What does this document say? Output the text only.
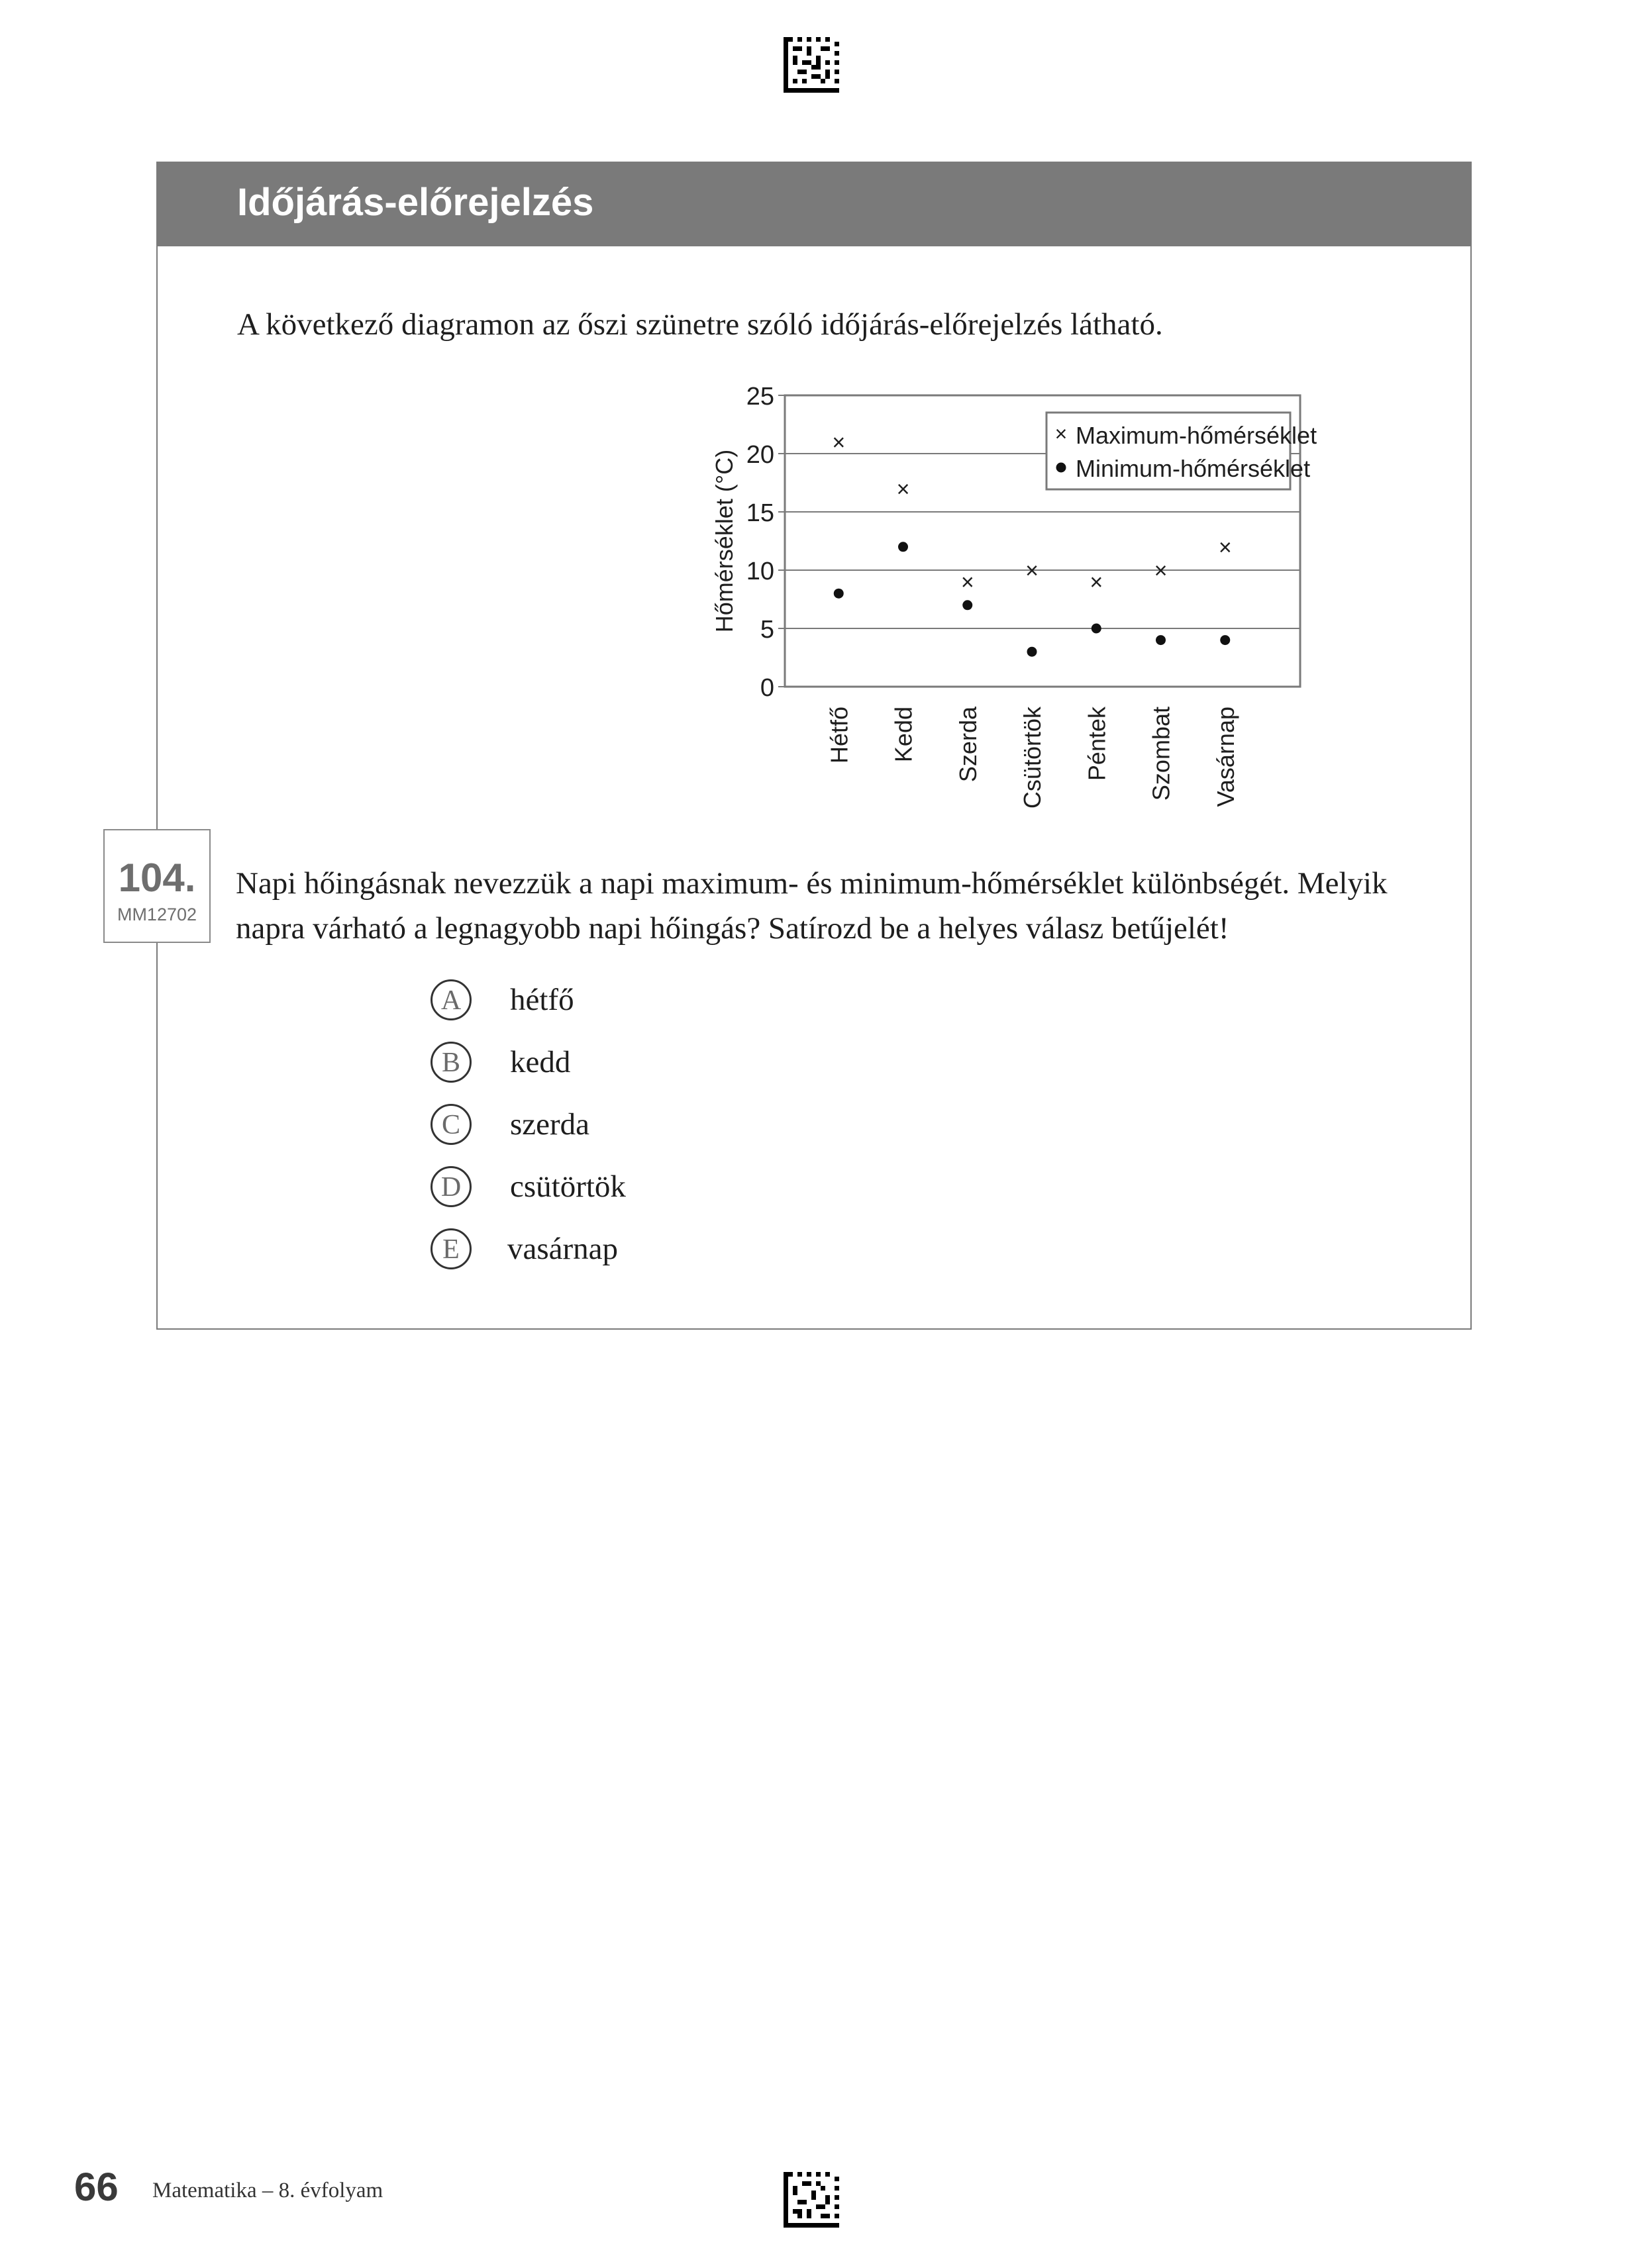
Időjárás-előrejelzés
A következő diagramon az őszi szünetre szóló időjárás-előrejelzés látható.
0
5
10
15
20
25
Hőmérséklet (°C)
Hétfő Kedd Szerda Csütörtök Péntek Szombat Vasárnap
×
×
× × × ×
×
× Maximum-hőmérséklet
Minimum-hőmérséklet
A	hétfő
B	kedd
C	szerda
D	csütörtök
E	vasárnap
104.
MM12702
Napi hőingásnak nevezzük a napi maximum- és minimum-hőmérséklet különbségét. Melyik
napra várható a legnagyobb napi hőingás? Satírozd be a helyes válasz betűjelét!
66 Matematika – 8. évfolyam
